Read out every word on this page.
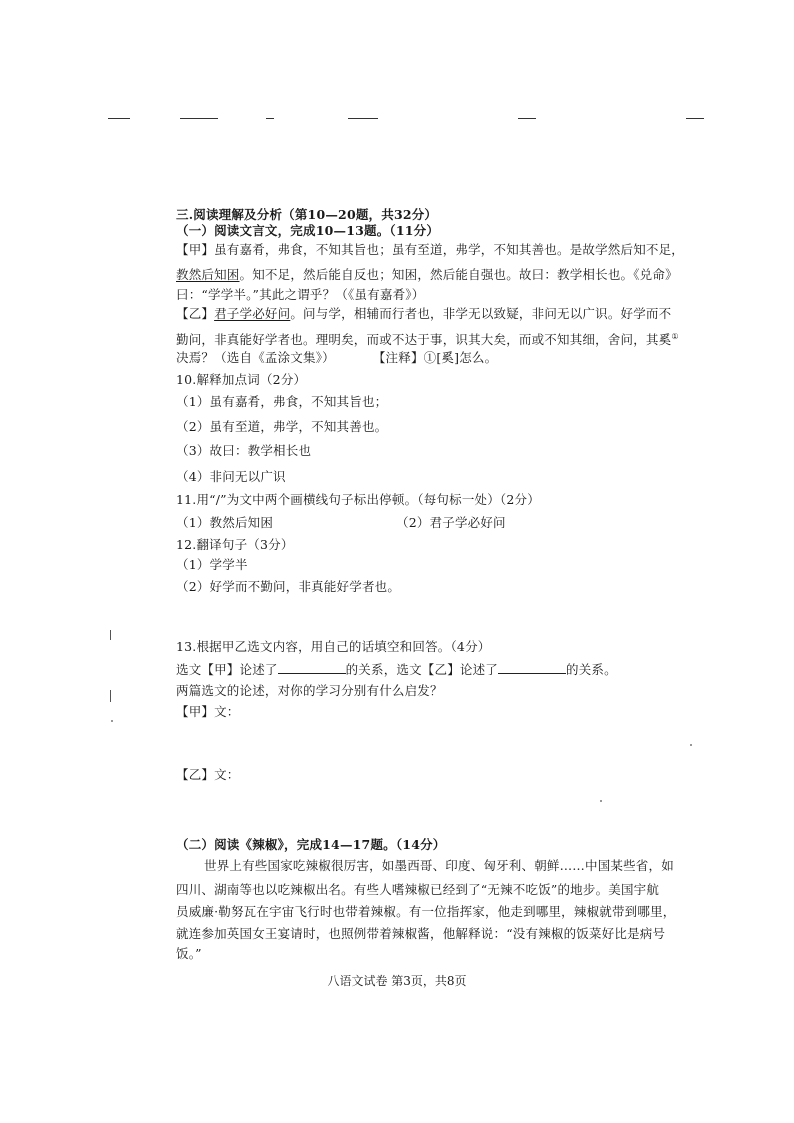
三.阅读理解及分析（第10—20题，共32分）
（一）阅读文言文，完成10—13题。（11分）
【甲】虽有嘉肴，弗食，不知其旨也；虽有至道，弗学，不知其善也。是故学然后知不足，
教然后知困。知不足，然后能自反也；知困，然后能自强也。故曰：教学相长也。《兑命》
曰：“学学半。”其此之谓乎？（《虽有嘉肴》）
【乙】君子学必好问。问与学，相辅而行者也，非学无以致疑，非问无以广识。好学而不
勤问，非真能好学者也。理明矣，而或不达于事，识其大矣，而或不知其细，舍问，其奚①
决焉？（选自《孟涂文集》）	【注释】①[奚]怎么。
10.解释加点词（2分）
（1）虽有嘉肴，弗食，不知其旨也；
（2）虽有至道，弗学，不知其善也。
（3）故曰：教学相长也
（4）非问无以广识
11.用“/”为文中两个画横线句子标出停顿。（每句标一处）（2分）
（1）教然后知困	（2）君子学必好问
12.翻译句子（3分）
（1）学学半
（2）好学而不勤问，非真能好学者也。
13.根据甲乙选文内容，用自己的话填空和回答。（4分）
选文【甲】论述了	的关系，选文【乙】论述了	的关系。
两篇选文的论述，对你的学习分别有什么启发？
【甲】文：
【乙】文：
（二）阅读《辣椒》，完成14—17题。（14分）
世界上有些国家吃辣椒很厉害，如墨西哥、印度、匈牙利、朝鲜……中国某些省，如
四川、湖南等也以吃辣椒出名。有些人嗜辣椒已经到了“无辣不吃饭”的地步。美国宇航
员威廉·勒努瓦在宇宙飞行时也带着辣椒。有一位指挥家，他走到哪里，辣椒就带到哪里，
就连参加英国女王宴请时，也照例带着辣椒酱，他解释说：“没有辣椒的饭菜好比是病号
饭。”
八语文试卷 第3页，共8页
